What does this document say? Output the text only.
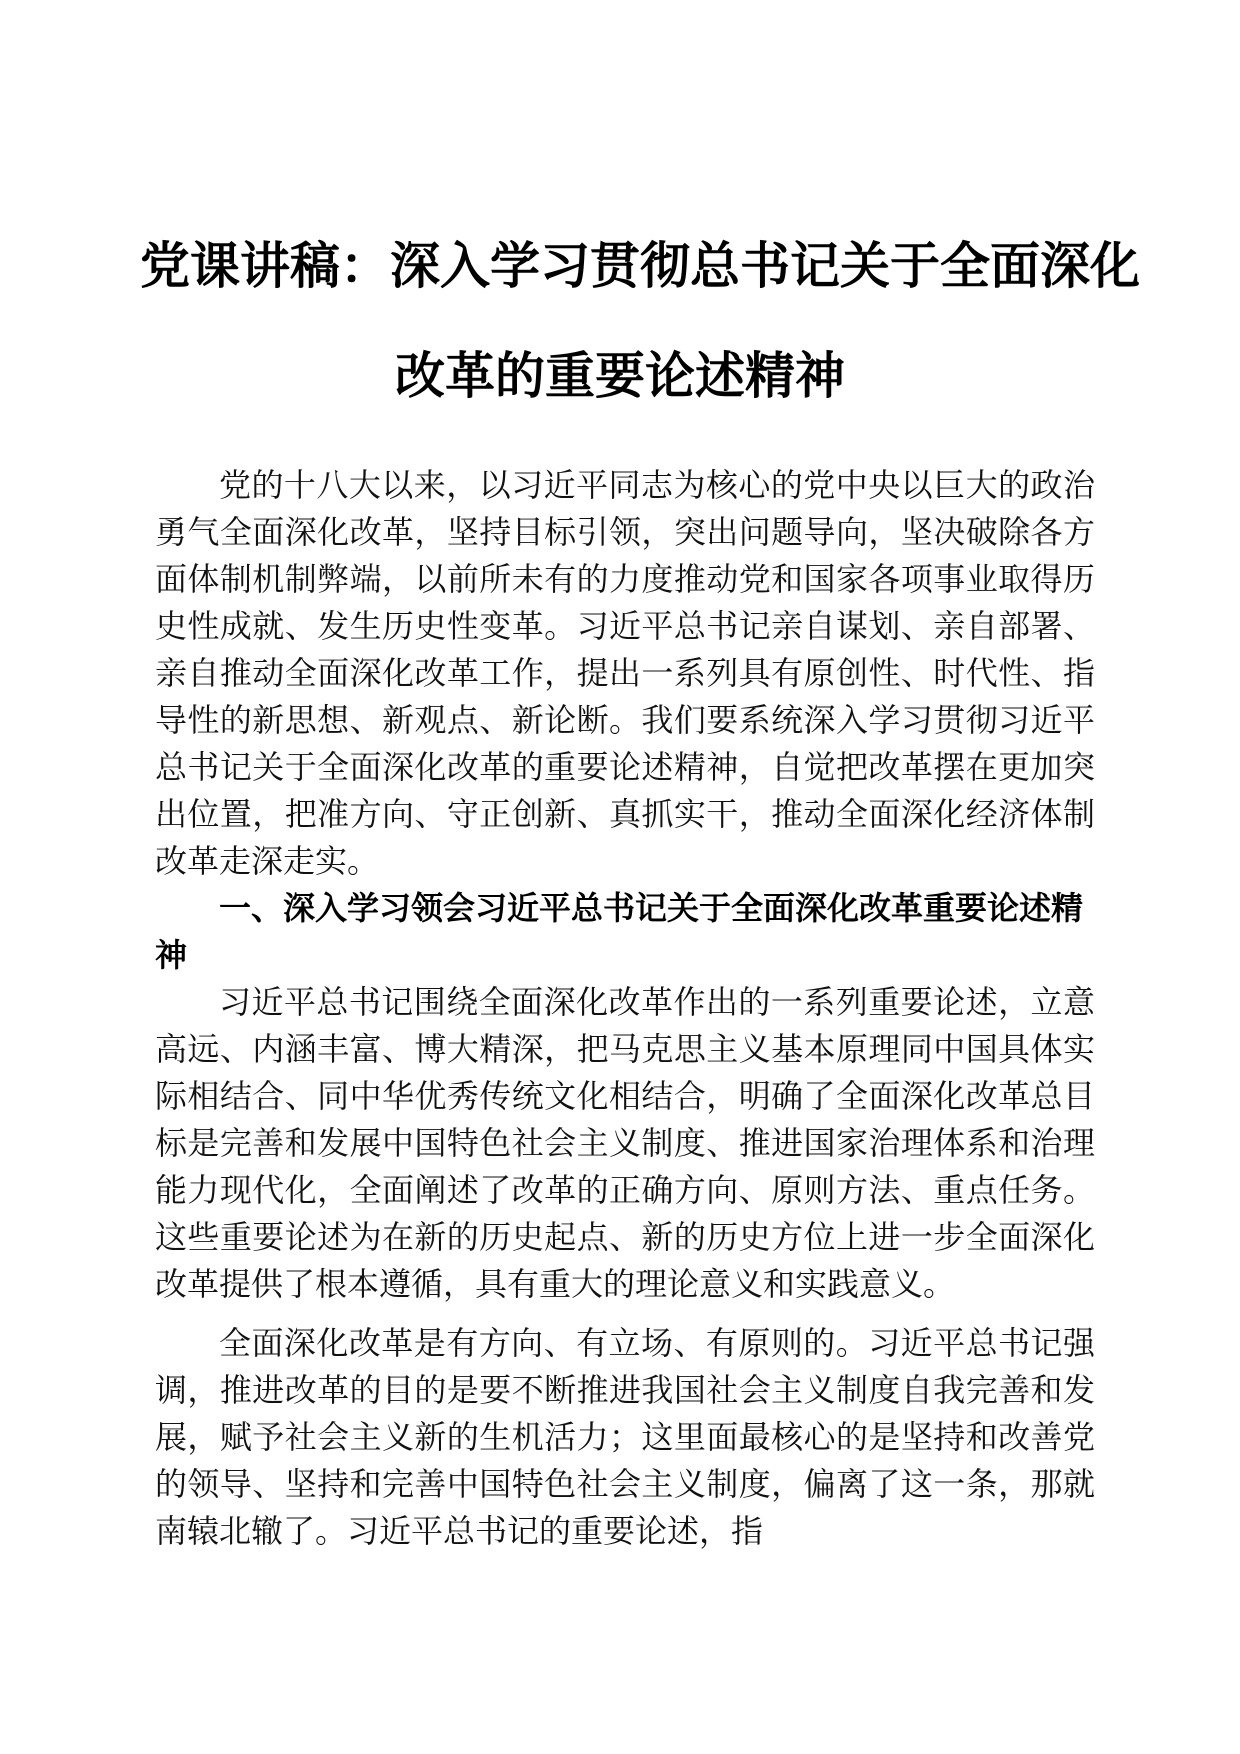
党课讲稿：深入学习贯彻总书记关于全面深化
改革的重要论述精神

党的十八大以来，以习近平同志为核心的党中央以巨大的政治勇气全面深化改革，坚持目标引领，突出问题导向，坚决破除各方面体制机制弊端，以前所未有的力度推动党和国家各项事业取得历史性成就、发生历史性变革。习近平总书记亲自谋划、亲自部署、亲自推动全面深化改革工作，提出一系列具有原创性、时代性、指导性的新思想、新观点、新论断。我们要系统深入学习贯彻习近平总书记关于全面深化改革的重要论述精神，自觉把改革摆在更加突出位置，把准方向、守正创新、真抓实干，推动全面深化经济体制改革走深走实。

一、深入学习领会习近平总书记关于全面深化改革重要论述精神

习近平总书记围绕全面深化改革作出的一系列重要论述，立意高远、内涵丰富、博大精深，把马克思主义基本原理同中国具体实际相结合、同中华优秀传统文化相结合，明确了全面深化改革总目标是完善和发展中国特色社会主义制度、推进国家治理体系和治理能力现代化，全面阐述了改革的正确方向、原则方法、重点任务。这些重要论述为在新的历史起点、新的历史方位上进一步全面深化改革提供了根本遵循，具有重大的理论意义和实践意义。

全面深化改革是有方向、有立场、有原则的。习近平总书记强调，推进改革的目的是要不断推进我国社会主义制度自我完善和发展，赋予社会主义新的生机活力；这里面最核心的是坚持和改善党的领导、坚持和完善中国特色社会主义制度，偏离了这一条，那就南辕北辙了。习近平总书记的重要论述，指
